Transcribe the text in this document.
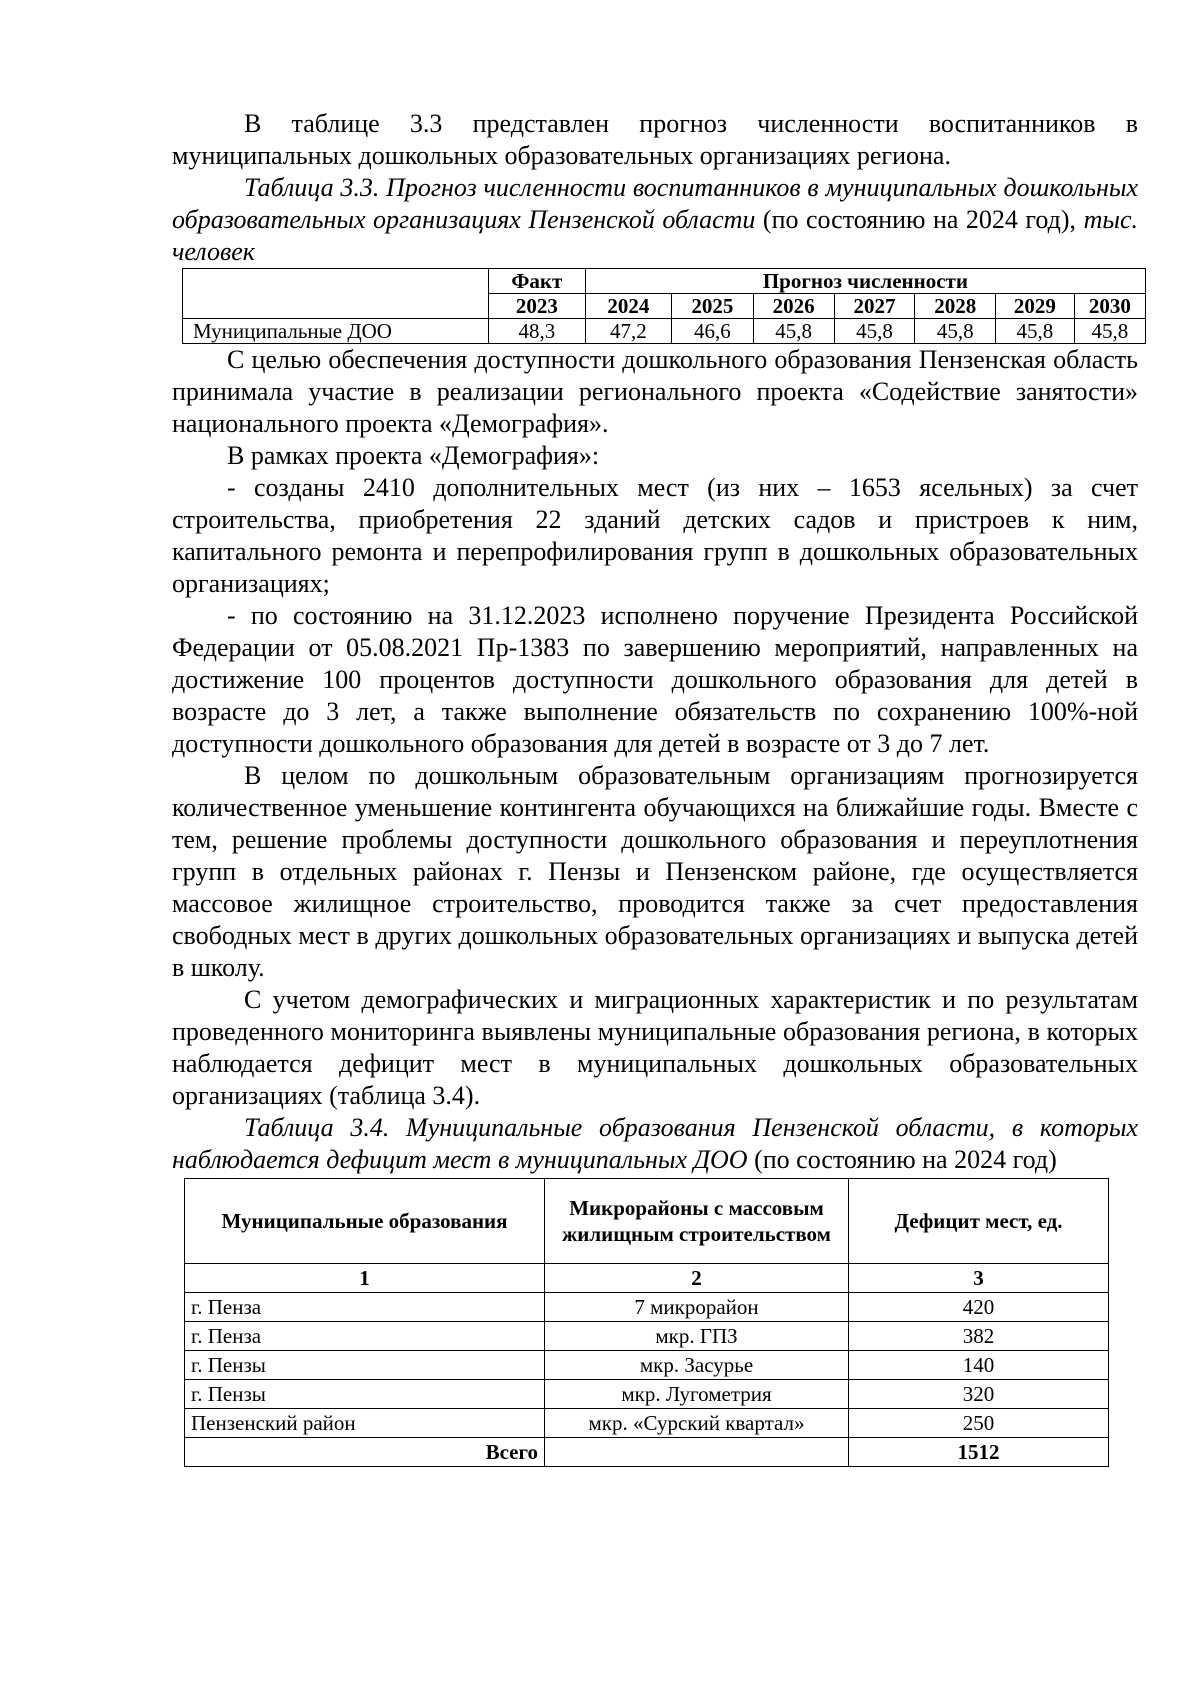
В таблице 3.3 представлен прогноз численности воспитанников в муниципальных дошкольных образовательных организациях региона.

Таблица 3.3. Прогноз численности воспитанников в муниципальных дошкольных образовательных организациях Пензенской области (по состоянию на 2024 год), тыс. человек

	Факт	Прогноз численности						
	2023	2024	2025	2026	2027	2028	2029	2030
Муниципальные ДОО	48,3	47,2	46,6	45,8	45,8	45,8	45,8	45,8

С целью обеспечения доступности дошкольного образования Пензенская область принимала участие в реализации регионального проекта «Содействие занятости» национального проекта «Демография».

В рамках проекта «Демография»:

- созданы 2410 дополнительных мест (из них – 1653 ясельных) за счет строительства, приобретения 22 зданий детских садов и пристроев к ним, капитального ремонта и перепрофилирования групп в дошкольных образовательных организациях;

- по состоянию на 31.12.2023 исполнено поручение Президента Российской Федерации от 05.08.2021 Пр-1383 по завершению мероприятий, направленных на достижение 100 процентов доступности дошкольного образования для детей в возрасте до 3 лет, а также выполнение обязательств по сохранению 100%-ной доступности дошкольного образования для детей в возрасте от 3 до 7 лет.

В целом по дошкольным образовательным организациям прогнозируется количественное уменьшение контингента обучающихся на ближайшие годы. Вместе с тем, решение проблемы доступности дошкольного образования и переуплотнения групп в отдельных районах г. Пензы и Пензенском районе, где осуществляется массовое жилищное строительство, проводится также за счет предоставления свободных мест в других дошкольных образовательных организациях и выпуска детей в школу.

С учетом демографических и миграционных характеристик и по результатам проведенного мониторинга выявлены муниципальные образования региона, в которых наблюдается дефицит мест в муниципальных дошкольных образовательных организациях (таблица 3.4).

Таблица 3.4. Муниципальные образования Пензенской области, в которых наблюдается дефицит мест в муниципальных ДОО (по состоянию на 2024 год)

Муниципальные образования	Микрорайоны с массовым жилищным строительством	Дефицит мест, ед.
1	2	3
г. Пенза	7 микрорайон	420
г. Пенза	мкр. ГПЗ	382
г. Пензы	мкр. Засурье	140
г. Пензы	мкр. Лугометрия	320
Пензенский район	мкр. «Сурский квартал»	250
Всего		1512
